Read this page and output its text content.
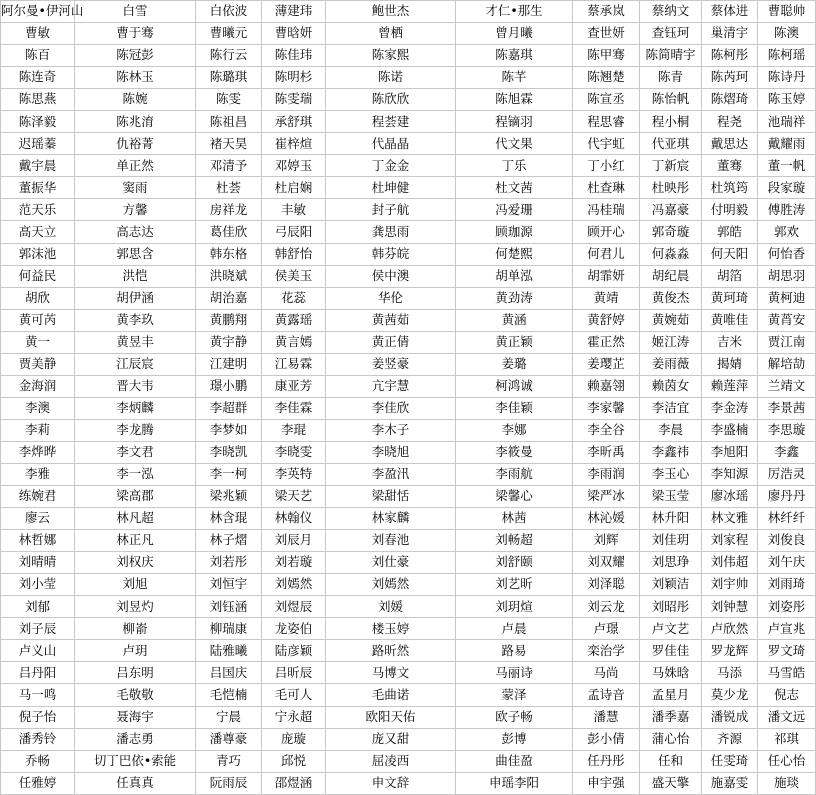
阿尔曼•伊河山	白雪	白依波	薄建玮	鲍世杰	才仁•那生	蔡承岚	蔡纳文	蔡体进	曹聪帅
曹敏	曹于骞	曹曦元	曹晗妍	曾栖	曾月曦	查世妍	查钰珂	巢清宇	陈澳
陈百	陈冠彭	陈行云	陈佳玮	陈家熙	陈嘉琪	陈甲骞	陈简晴宇	陈柯彤	陈柯瑶
陈连奇	陈林玉	陈璐琪	陈明杉	陈诺	陈芊	陈翘楚	陈青	陈芮珂	陈诗丹
陈思燕	陈婉	陈雯	陈雯瑞	陈欣欣	陈旭霖	陈宣丞	陈怡帆	陈熠琦	陈玉婷
陈泽毅	陈兆淯	陈祖昌	承舒琪	程荟建	程镝羽	程思睿	程小桐	程尧	池瑞祥
迟瑶蓁	仇裕菁	褚天昊	崔梓煊	代晶晶	代文果	代宇虹	代亚琪	戴思达	戴耀雨
戴宇晨	单正然	邓清予	邓婷玉	丁金金	丁乐	丁小红	丁新宸	董骞	董一帆
董振华	窦雨	杜荟	杜启娴	杜坤健	杜文茜	杜查琳	杜映彤	杜筑筠	段家璇
范天乐	方馨	房祥龙	丰敏	封子航	冯爱珊	冯桂瑞	冯嘉豪	付明毅	傅胜涛
高天立	高志达	葛佳欣	弓辰阳	龚思雨	顾珈源	顾开心	郭奇璇	郭皓	郭欢
郭沫池	郭思含	韩东格	韩舒怡	韩芬皖	何楚熙	何君儿	何淼淼	何天阳	何怡香
何益民	洪恺	洪晓斌	侯美玉	侯中澳	胡单泓	胡霏妍	胡纪晨	胡箔	胡思羽
胡欣	胡伊涵	胡治嘉	花蕊	华伦	黄劲涛	黄靖	黄俊杰	黄珂琦	黄柯迪
黄可芮	黄李玖	黄鹏翔	黄露瑶	黄茜茹	黄涵	黄舒婷	黄婉茹	黄唯佳	黄莦安
黄一	黄昱丰	黄宇静	黄言嫣	黄正倩	黄正颖	霍正然	姬江涛	吉米	贾江南
贾美静	江辰宸	江建明	江易霖	姜竖豪	姜璐	姜璎芷	姜雨薇	揭婧	解培劼
金海润	晋大韦	璟小鹏	康亚芳	亢宇慧	柯鸿诚	赖嘉翎	赖茵女	赖莲萍	兰靖文
李澳	李炳麟	李超群	李佳霖	李佳欣	李佳颖	李家馨	李洁宜	李金涛	李景茜
李莉	李龙腾	李梦如	李琨	李木子	李娜	李全谷	李晨	李盛楠	李思璇
李烨晔	李文君	李晓凯	李晓雯	李晓旭	李筱曼	李昕禹	李鑫祎	李旭阳	李鑫
李雅	李一泓	李一柯	李英特	李盈汛	李雨航	李雨润	李玉心	李知源	厉浩灵
练婉君	梁高郡	梁兆颖	梁天艺	梁甜恬	梁馨心	梁严冰	梁玉莹	廖冰瑶	廖丹丹
廖云	林凡超	林含琨	林翰仪	林家麟	林茜	林沁媛	林升阳	林文雅	林纤纤
林哲娜	林正凡	林子熠	刘辰月	刘春池	刘畅超	刘辉	刘佳玥	刘家程	刘俊良
刘晴晴	刘权庆	刘若彤	刘若璇	刘仕豪	刘舒颐	刘双耀	刘思琤	刘伟超	刘午庆
刘小莹	刘旭	刘恒宇	刘嫣然	刘嫣然	刘艺昕	刘泽聪	刘颖洁	刘宇帅	刘雨琦
刘郁	刘昱灼	刘钰涵	刘煜辰	刘媛	刘玥煊	刘云龙	刘昭彤	刘钟慧	刘姿彤
刘子辰	柳嵛	柳瑞康	龙姿伯	楼玉婷	卢晨	卢璟	卢文艺	卢欣然	卢宣兆
卢义山	卢玥	陆雅曦	陆彦颖	路昕然	路易	栾治学	罗佳佳	罗龙辉	罗文琦
吕丹阳	吕东明	吕国庆	吕昕辰	马博文	马丽诗	马尚	马姝晗	马添	马雪皓
马一鸣	毛敬敬	毛恺楠	毛可人	毛曲诺	蒙泽	孟诗音	孟星月	莫少龙	倪志
倪子怡	聂海宇	宁晨	宁永超	欧阳天佑	欧子畅	潘慧	潘季嘉	潘锐成	潘文远
潘秀铃	潘志勇	潘尊豪	庞璇	庞又甜	彭博	彭小倩	蒲心怡	齐源	祁琪
乔畅	切丁巴依•索能	青巧	邱悦	屈凌西	曲佳盈	任丹彤	任和	任雯琦	任心怡
任雅婷	任真真	阮雨辰	邵煜涵	申文辞	申瑶李阳	申宇强	盛天擎	施嘉雯	施琰
